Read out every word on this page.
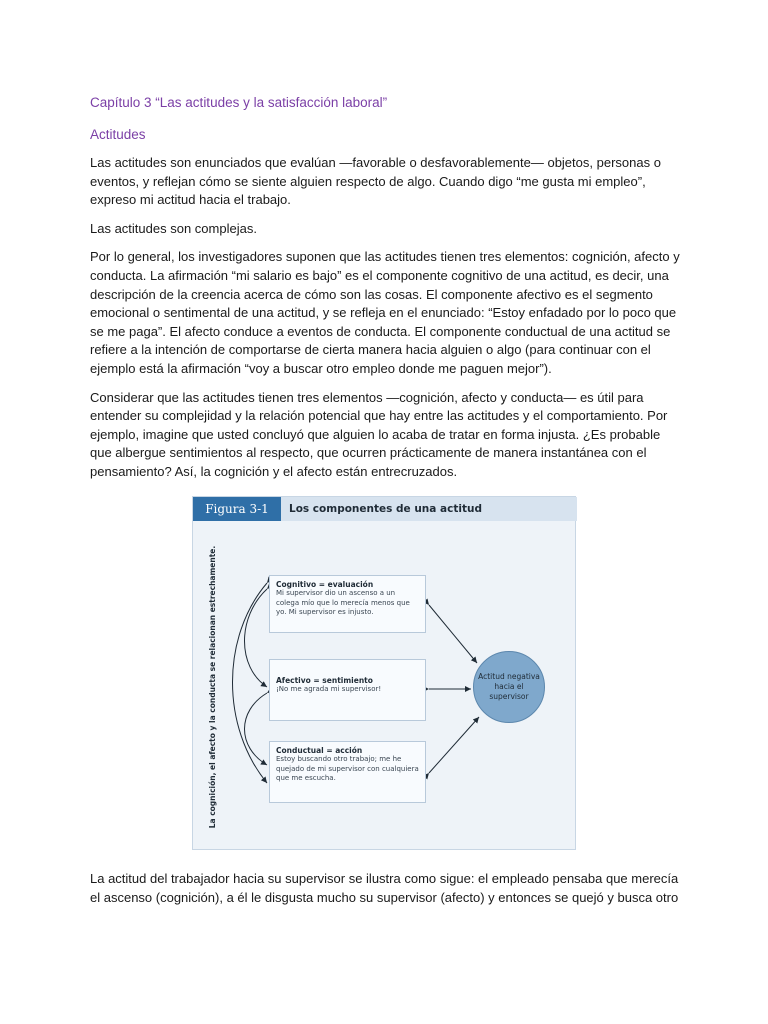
Capítulo 3 “Las actitudes y la satisfacción laboral”
Actitudes

Las actitudes son enunciados que evalúan —favorable o desfavorablemente— objetos, personas o eventos, y reflejan cómo se siente alguien respecto de algo. Cuando digo “me gusta mi empleo”, expreso mi actitud hacia el trabajo.

Las actitudes son complejas.

Por lo general, los investigadores suponen que las actitudes tienen tres elementos: cognición, afecto y conducta. La afirmación “mi salario es bajo” es el componente cognitivo de una actitud, es decir, una descripción de la creencia acerca de cómo son las cosas. El componente afectivo es el segmento emocional o sentimental de una actitud, y se refleja en el enunciado: “Estoy enfadado por lo poco que se me paga”. El afecto conduce a eventos de conducta. El componente conductual de una actitud se refiere a la intención de comportarse de cierta manera hacia alguien o algo (para continuar con el ejemplo está la afirmación “voy a buscar otro empleo donde me paguen mejor”).

Considerar que las actitudes tienen tres elementos —cognición, afecto y conducta— es útil para entender su complejidad y la relación potencial que hay entre las actitudes y el comportamiento. Por ejemplo, imagine que usted concluyó que alguien lo acaba de tratar en forma injusta. ¿Es probable que albergue sentimientos al respecto, que ocurren prácticamente de manera instantánea con el pensamiento? Así, la cognición y el afecto están entrecruzados.

Figura 3-1	Los componentes de una actitud
La cognición, el afecto y la conducta se relacionan estrechamente.	Cognitivo = evaluación
Mi supervisor dio un ascenso a un colega mío que lo merecía menos que yo. Mi supervisor es injusto.
Afectivo = sentimiento
¡No me agrada mi supervisor!
Conductual = acción
Estoy buscando otro trabajo; me he quejado de mi supervisor con cualquiera que me escucha.
Actitud negativa hacia el supervisor

La actitud del trabajador hacia su supervisor se ilustra como sigue: el empleado pensaba que merecía el ascenso (cognición), a él le disgusta mucho su supervisor (afecto) y entonces se quejó y busca otro
